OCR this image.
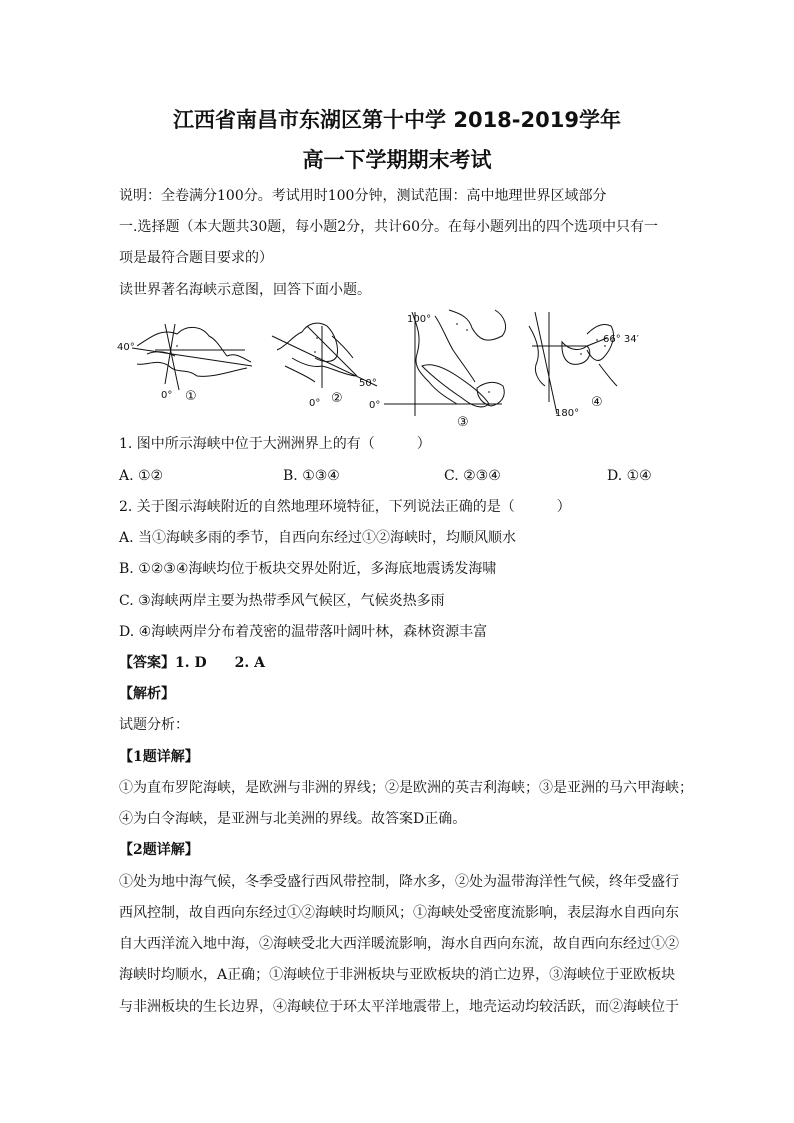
江西省南昌市东湖区第十中学 2018-2019学年
高一下学期期末考试
说明：全卷满分100分。考试用时100分钟，测试范围：高中地理世界区域部分
一.选择题（本大题共30题，每小题2分，共计60分。在每小题列出的四个选项中只有一
项是最符合题目要求的）
读世界著名海峡示意图，回答下面小题。
40°
0° ①
50°
0° ②
100°
0°
③
66° 34′
180°
④
1. 图中所示海峡中位于大洲洲界上的有（　　　）
A. ①②	B. ①③④	C. ②③④	D. ①④
2. 关于图示海峡附近的自然地理环境特征，下列说法正确的是（　　　）
A. 当①海峡多雨的季节，自西向东经过①②海峡时，均顺风顺水
B. ①②③④海峡均位于板块交界处附近，多海底地震诱发海啸
C. ③海峡两岸主要为热带季风气候区，气候炎热多雨
D. ④海峡两岸分布着茂密的温带落叶阔叶林，森林资源丰富
【答案】1. D　　2. A
【解析】
试题分析：
【1题详解】
①为直布罗陀海峡，是欧洲与非洲的界线；②是欧洲的英吉利海峡；③是亚洲的马六甲海峡；
④为白令海峡，是亚洲与北美洲的界线。故答案D正确。
【2题详解】
①处为地中海气候，冬季受盛行西风带控制，降水多，②处为温带海洋性气候，终年受盛行
西风控制，故自西向东经过①②海峡时均顺风；①海峡处受密度流影响，表层海水自西向东
自大西洋流入地中海，②海峡受北大西洋暖流影响，海水自西向东流，故自西向东经过①②
海峡时均顺水，A正确；①海峡位于非洲板块与亚欧板块的消亡边界，③海峡位于亚欧板块
与非洲板块的生长边界，④海峡位于环太平洋地震带上，地壳运动均较活跃，而②海峡位于
